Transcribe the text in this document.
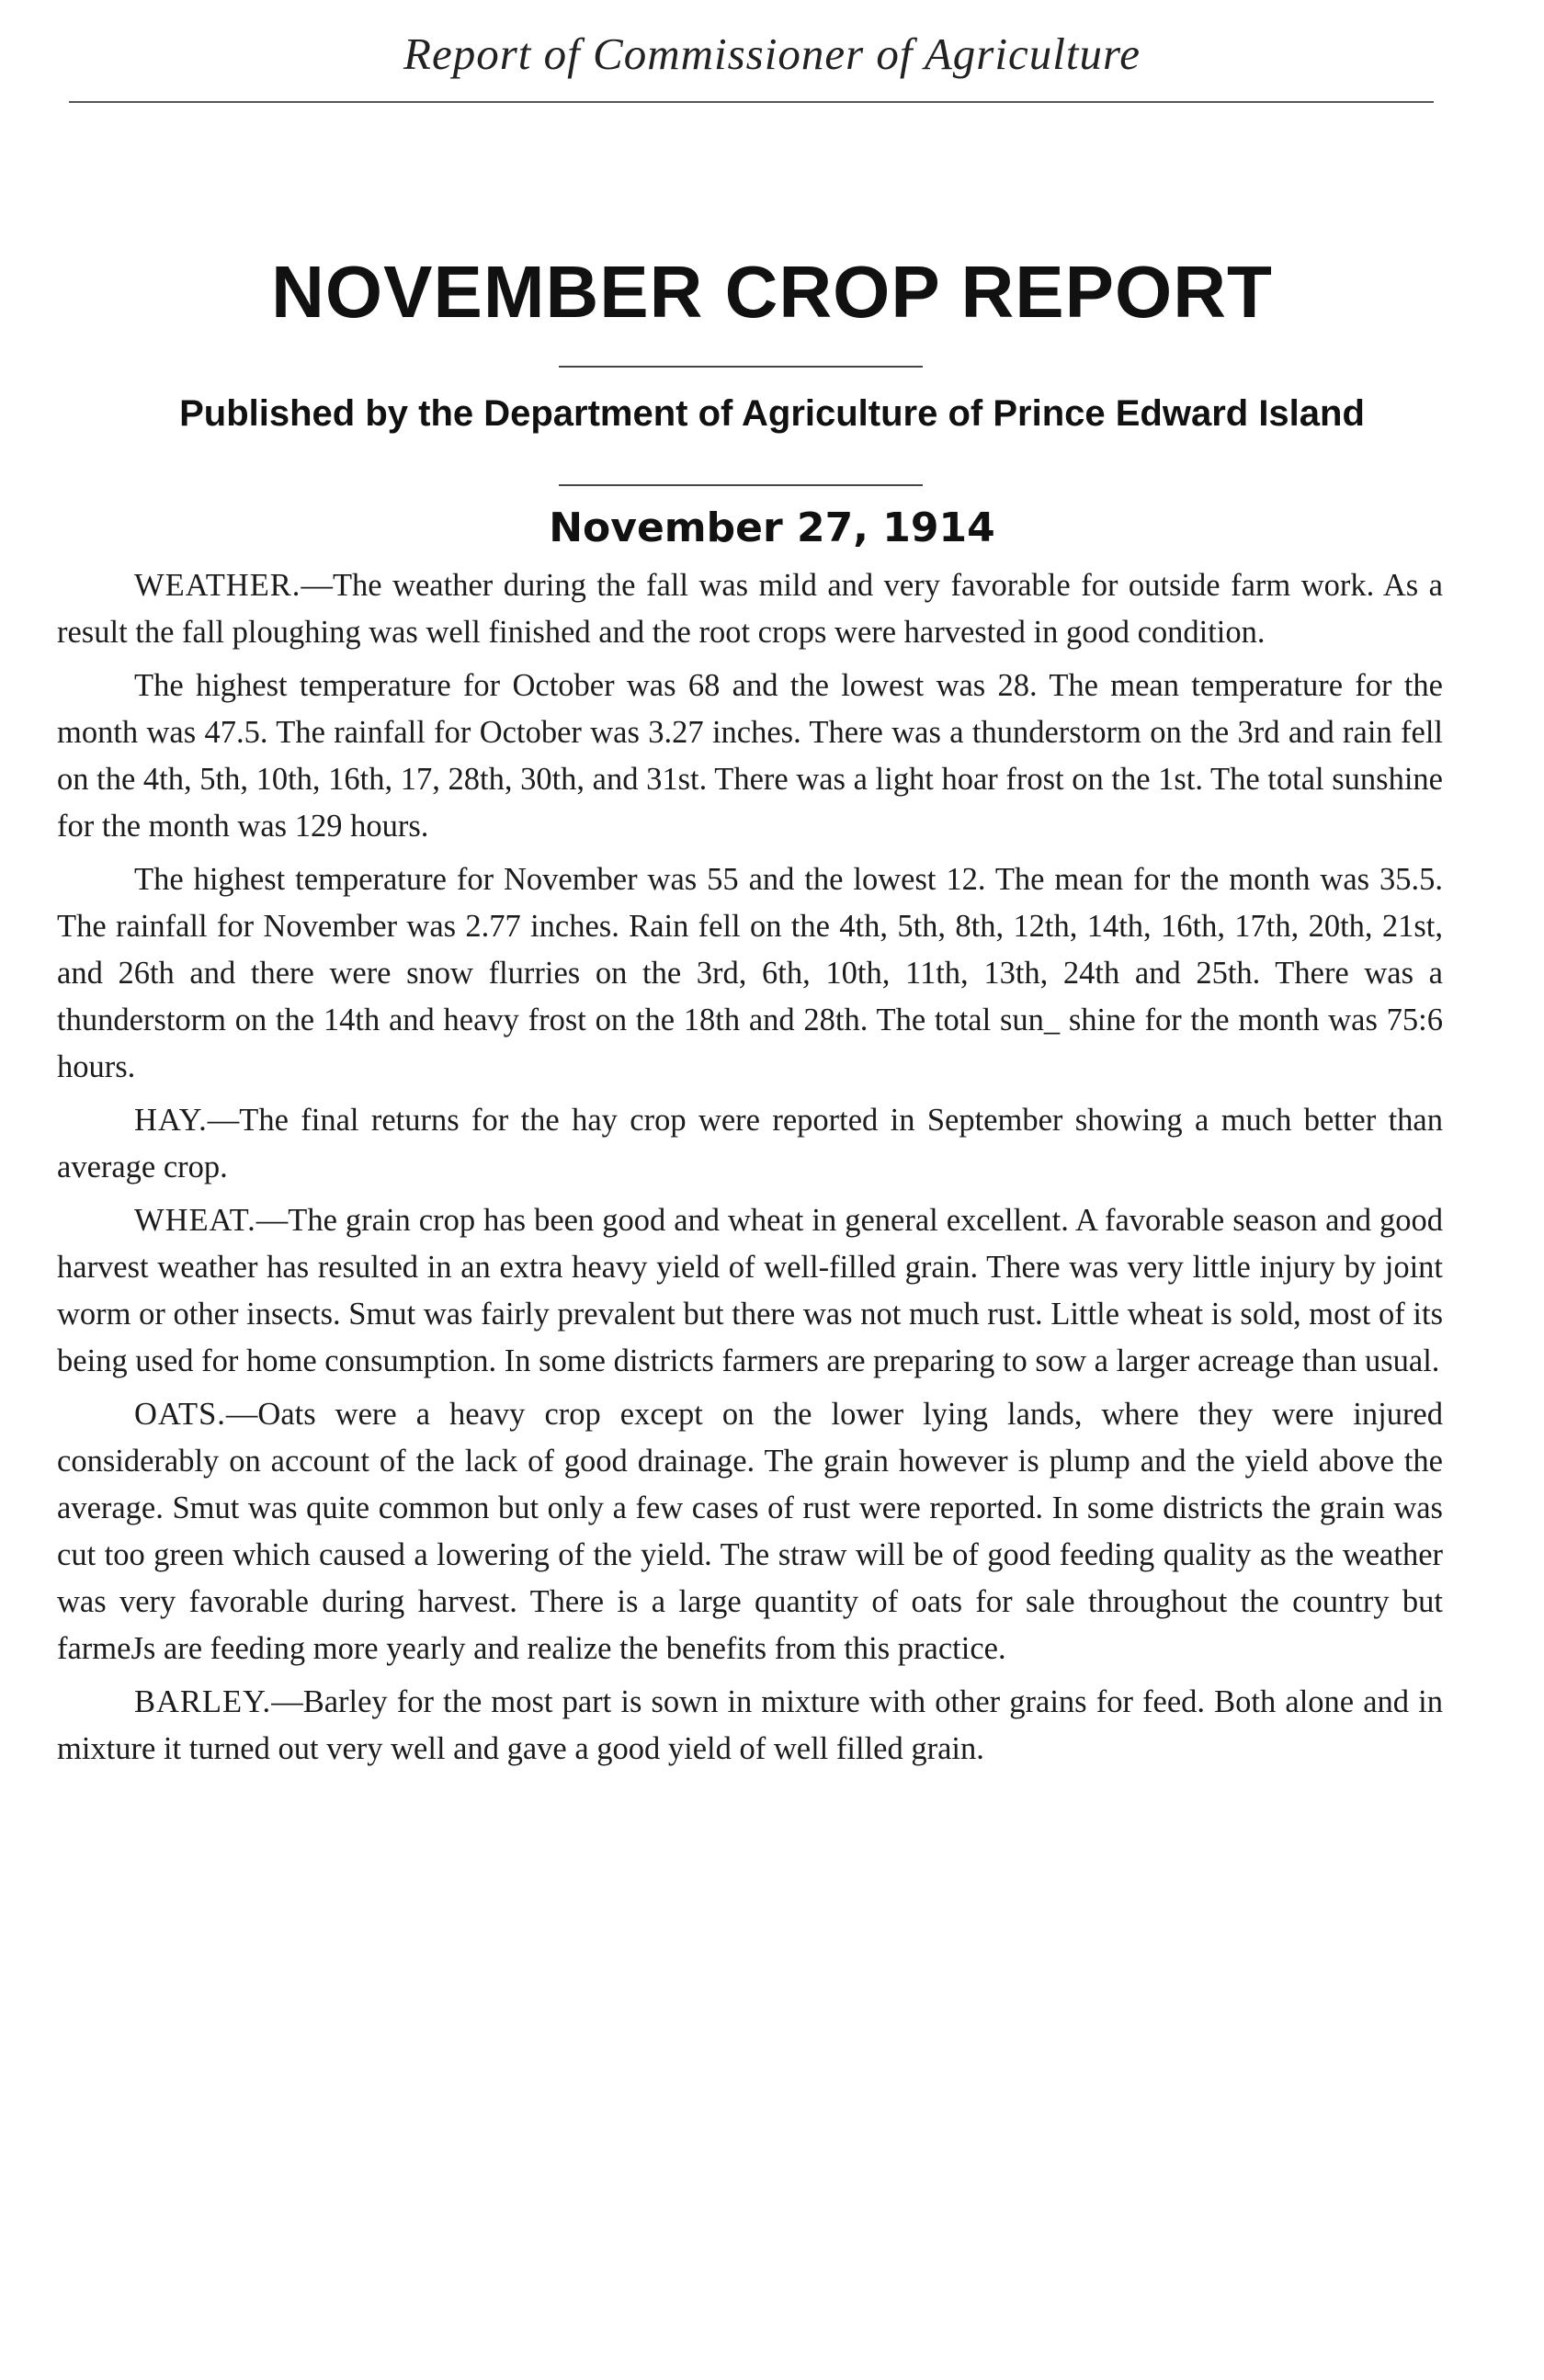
Report of Commissioner of Agriculture
NOVEMBER CROP REPORT
Published by the Department of Agriculture of Prince Edward Island
November 27, 1914

WEATHER.—The weather during the fall was mild and very favorable for outside farm work. As a result the fall ploughing was well finished and the root crops were harvested in good condition.

The highest temperature for October was 68 and the lowest was 28. The mean temperature for the month was 47.5. The rainfall for October was 3.27 inches. There was a thunderstorm on the 3rd and rain fell on the 4th, 5th, 10th, 16th, 17, 28th, 30th, and 31st. There was a light hoar frost on the 1st. The total sunshine for the month was 129 hours.

The highest temperature for November was 55 and the lowest 12. The mean for the month was 35.5. The rainfall for November was 2.77 inches. Rain fell on the 4th, 5th, 8th, 12th, 14th, 16th, 17th, 20th, 21st, and 26th and there were snow flurries on the 3rd, 6th, 10th, 11th, 13th, 24th and 25th. There was a thunderstorm on the 14th and heavy frost on the 18th and 28th. The total sun_ shine for the month was 75:6 hours.

HAY.—The final returns for the hay crop were reported in September showing a much better than average crop.

WHEAT.—The grain crop has been good and wheat in general excellent. A favorable season and good harvest weather has resulted in an extra heavy yield of well-filled grain. There was very little injury by joint worm or other insects. Smut was fairly prevalent but there was not much rust. Little wheat is sold, most of its being used for home consumption. In some districts farmers are preparing to sow a larger acreage than usual.

OATS.—Oats were a heavy crop except on the lower lying lands, where they were injured considerably on account of the lack of good drainage. The grain however is plump and the yield above the average. Smut was quite common but only a few cases of rust were reported. In some districts the grain was cut too green which caused a lowering of the yield. The straw will be of good feeding quality as the weather was very favorable during harvest. There is a large quantity of oats for sale throughout the country but farmeJs are feeding more yearly and realize the benefits from this practice.

BARLEY.—Barley for the most part is sown in mixture with other grains for feed. Both alone and in mixture it turned out very well and gave a good yield of well filled grain.
